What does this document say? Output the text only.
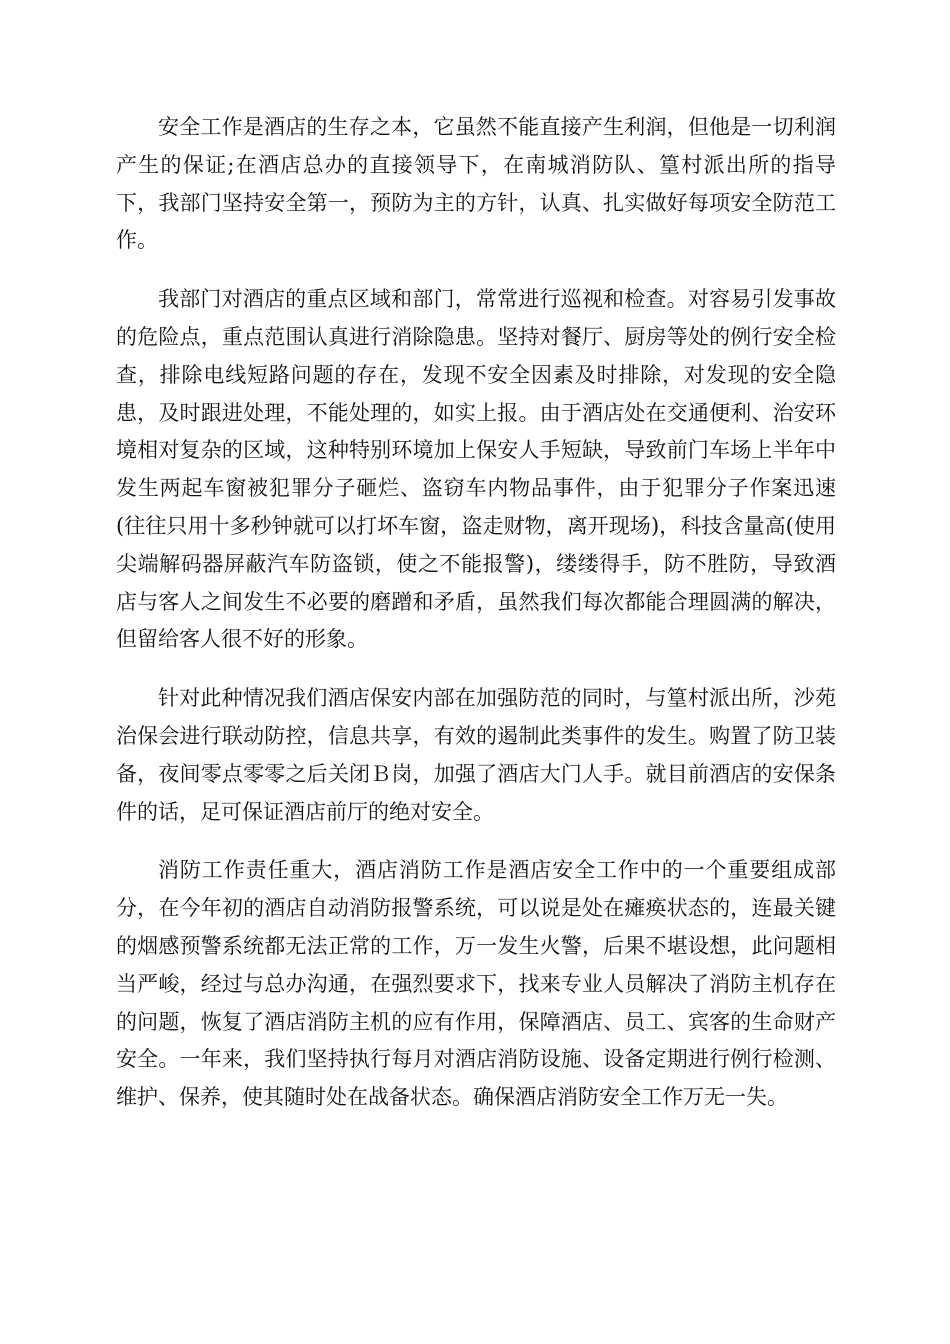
安全工作是酒店的生存之本，它虽然不能直接产生利润，但他是一切利润产生的保证;在酒店总办的直接领导下，在南城消防队、篁村派出所的指导下，我部门坚持安全第一，预防为主的方针，认真、扎实做好每项安全防范工作。

我部门对酒店的重点区域和部门，常常进行巡视和检查。对容易引发事故的危险点，重点范围认真进行消除隐患。坚持对餐厅、厨房等处的例行安全检查，排除电线短路问题的存在，发现不安全因素及时排除，对发现的安全隐患，及时跟进处理，不能处理的，如实上报。由于酒店处在交通便利、治安环境相对复杂的区域，这种特别环境加上保安人手短缺，导致前门车场上半年中发生两起车窗被犯罪分子砸烂、盗窃车内物品事件，由于犯罪分子作案迅速(往往只用十多秒钟就可以打坏车窗，盗走财物，离开现场)，科技含量高(使用尖端解码器屏蔽汽车防盗锁，使之不能报警)，缕缕得手，防不胜防，导致酒店与客人之间发生不必要的磨蹭和矛盾，虽然我们每次都能合理圆满的解决，但留给客人很不好的形象。

针对此种情况我们酒店保安内部在加强防范的同时，与篁村派出所，沙苑治保会进行联动防控，信息共享，有效的遏制此类事件的发生。购置了防卫装备，夜间零点零零之后关闭Ｂ岗，加强了酒店大门人手。就目前酒店的安保条件的话，足可保证酒店前厅的绝对安全。

消防工作责任重大，酒店消防工作是酒店安全工作中的一个重要组成部分，在今年初的酒店自动消防报警系统，可以说是处在瘫痪状态的，连最关键的烟感预警系统都无法正常的工作，万一发生火警，后果不堪设想，此问题相当严峻，经过与总办沟通，在强烈要求下，找来专业人员解决了消防主机存在的问题，恢复了酒店消防主机的应有作用，保障酒店、员工、宾客的生命财产安全。一年来，我们坚持执行每月对酒店消防设施、设备定期进行例行检测、维护、保养，使其随时处在战备状态。确保酒店消防安全工作万无一失。
